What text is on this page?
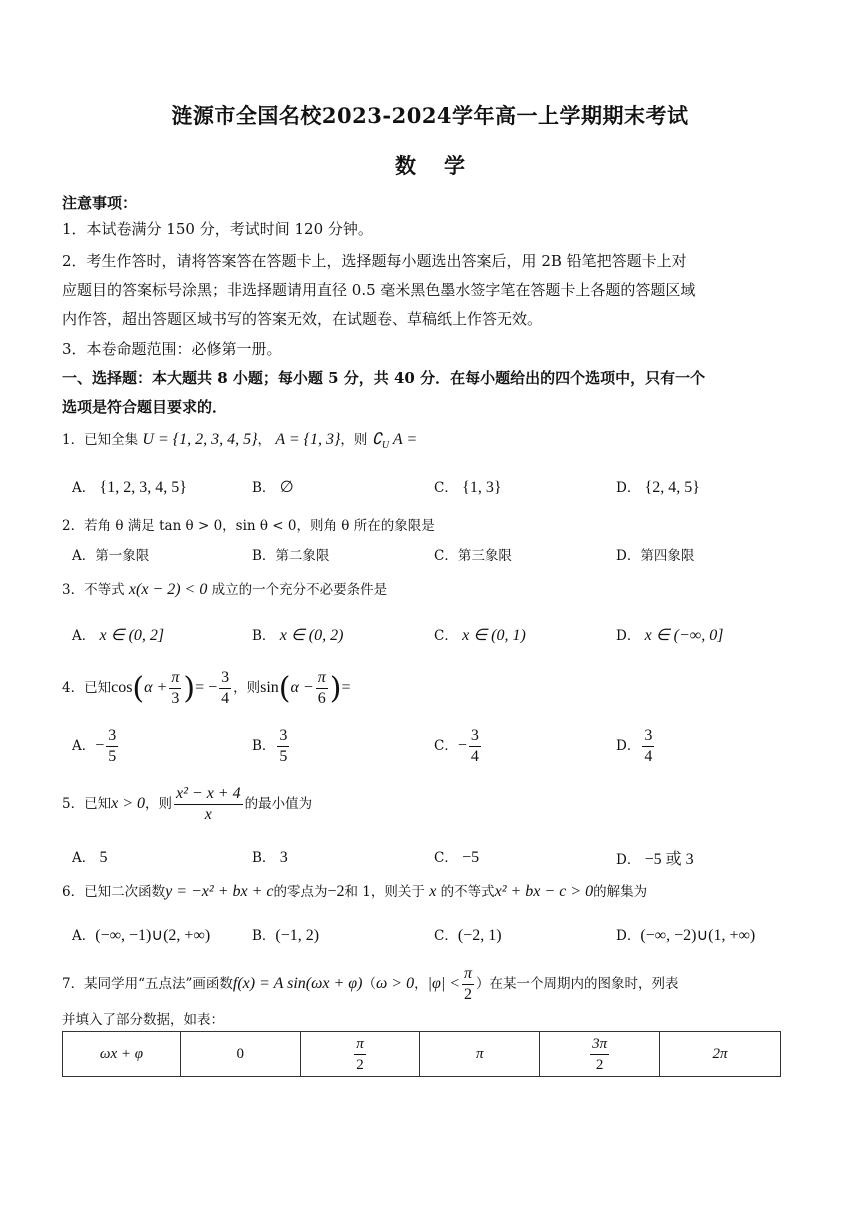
涟源市全国名校2023-2024学年高一上学期期末考试
数学
注意事项：
1．本试卷满分 150 分，考试时间 120 分钟。
2．考生作答时，请将答案答在答题卡上，选择题每小题选出答案后，用 2B 铅笔把答题卡上对
应题目的答案标号涂黑；非选择题请用直径 0.5 毫米黑色墨水签字笔在答题卡上各题的答题区域
内作答，超出答题区域书写的答案无效，在试题卷、草稿纸上作答无效。
3．本卷命题范围：必修第一册。
一、选择题：本大题共 8 小题；每小题 5 分，共 40 分．在每小题给出的四个选项中，只有一个
选项是符合题目要求的．
1．已知全集 U = {1, 2, 3, 4, 5}， A = {1, 3}，则 $∁_U$ A =
A． {1, 2, 3, 4, 5}	B． ∅	C． {1, 3}	D． {2, 4, 5}
2．若角 θ 满足 tan θ > 0，sin θ < 0，则角 θ 所在的象限是
A．第一象限	B．第二象限	C．第三象限	D．第四象限
3．不等式 x(x − 2) < 0 成立的一个充分不必要条件是
A． x ∈ (0, 2]	B． x ∈ (0, 2)	C． x ∈ (0, 1)	D． x ∈ (−∞, 0]
4．已知$\cos(\alpha + \frac{\pi}{3}$ )= − $\frac{3}{4}$ ，则$\sin(\alpha - \frac{\pi}{6}$ )=
A．− $\frac{3}{5}$	B． $\frac{3}{5}$	C．− $\frac{3}{4}$	D． $\frac{3}{4}$
5．已知x > 0，则 $\frac{\text{x² − x + 4}}{x}$ 的最小值为
A． 5	B． 3	C． −5	D． −5 或 3
6．已知二次函数y = −x² + bx + c的零点为−2和 1，则关于 x 的不等式x² + bx − c > 0的解集为
A．(−∞, −1)∪(2, +∞)	B．(−1, 2)	C．(−2, 1)	D．(−∞, −2)∪(1, +∞)
7．某同学用“五点法”画函数f(x) = A sin(ωx + φ)（ω > 0，$|\varphi| < \frac{\pi}{2}$ ）在某一个周期内的图象时，列表
并填入了部分数据，如表：
ωx + φ	0	$\frac{\pi}{2}$	π	$\frac{3\pi}{2}$	2π
